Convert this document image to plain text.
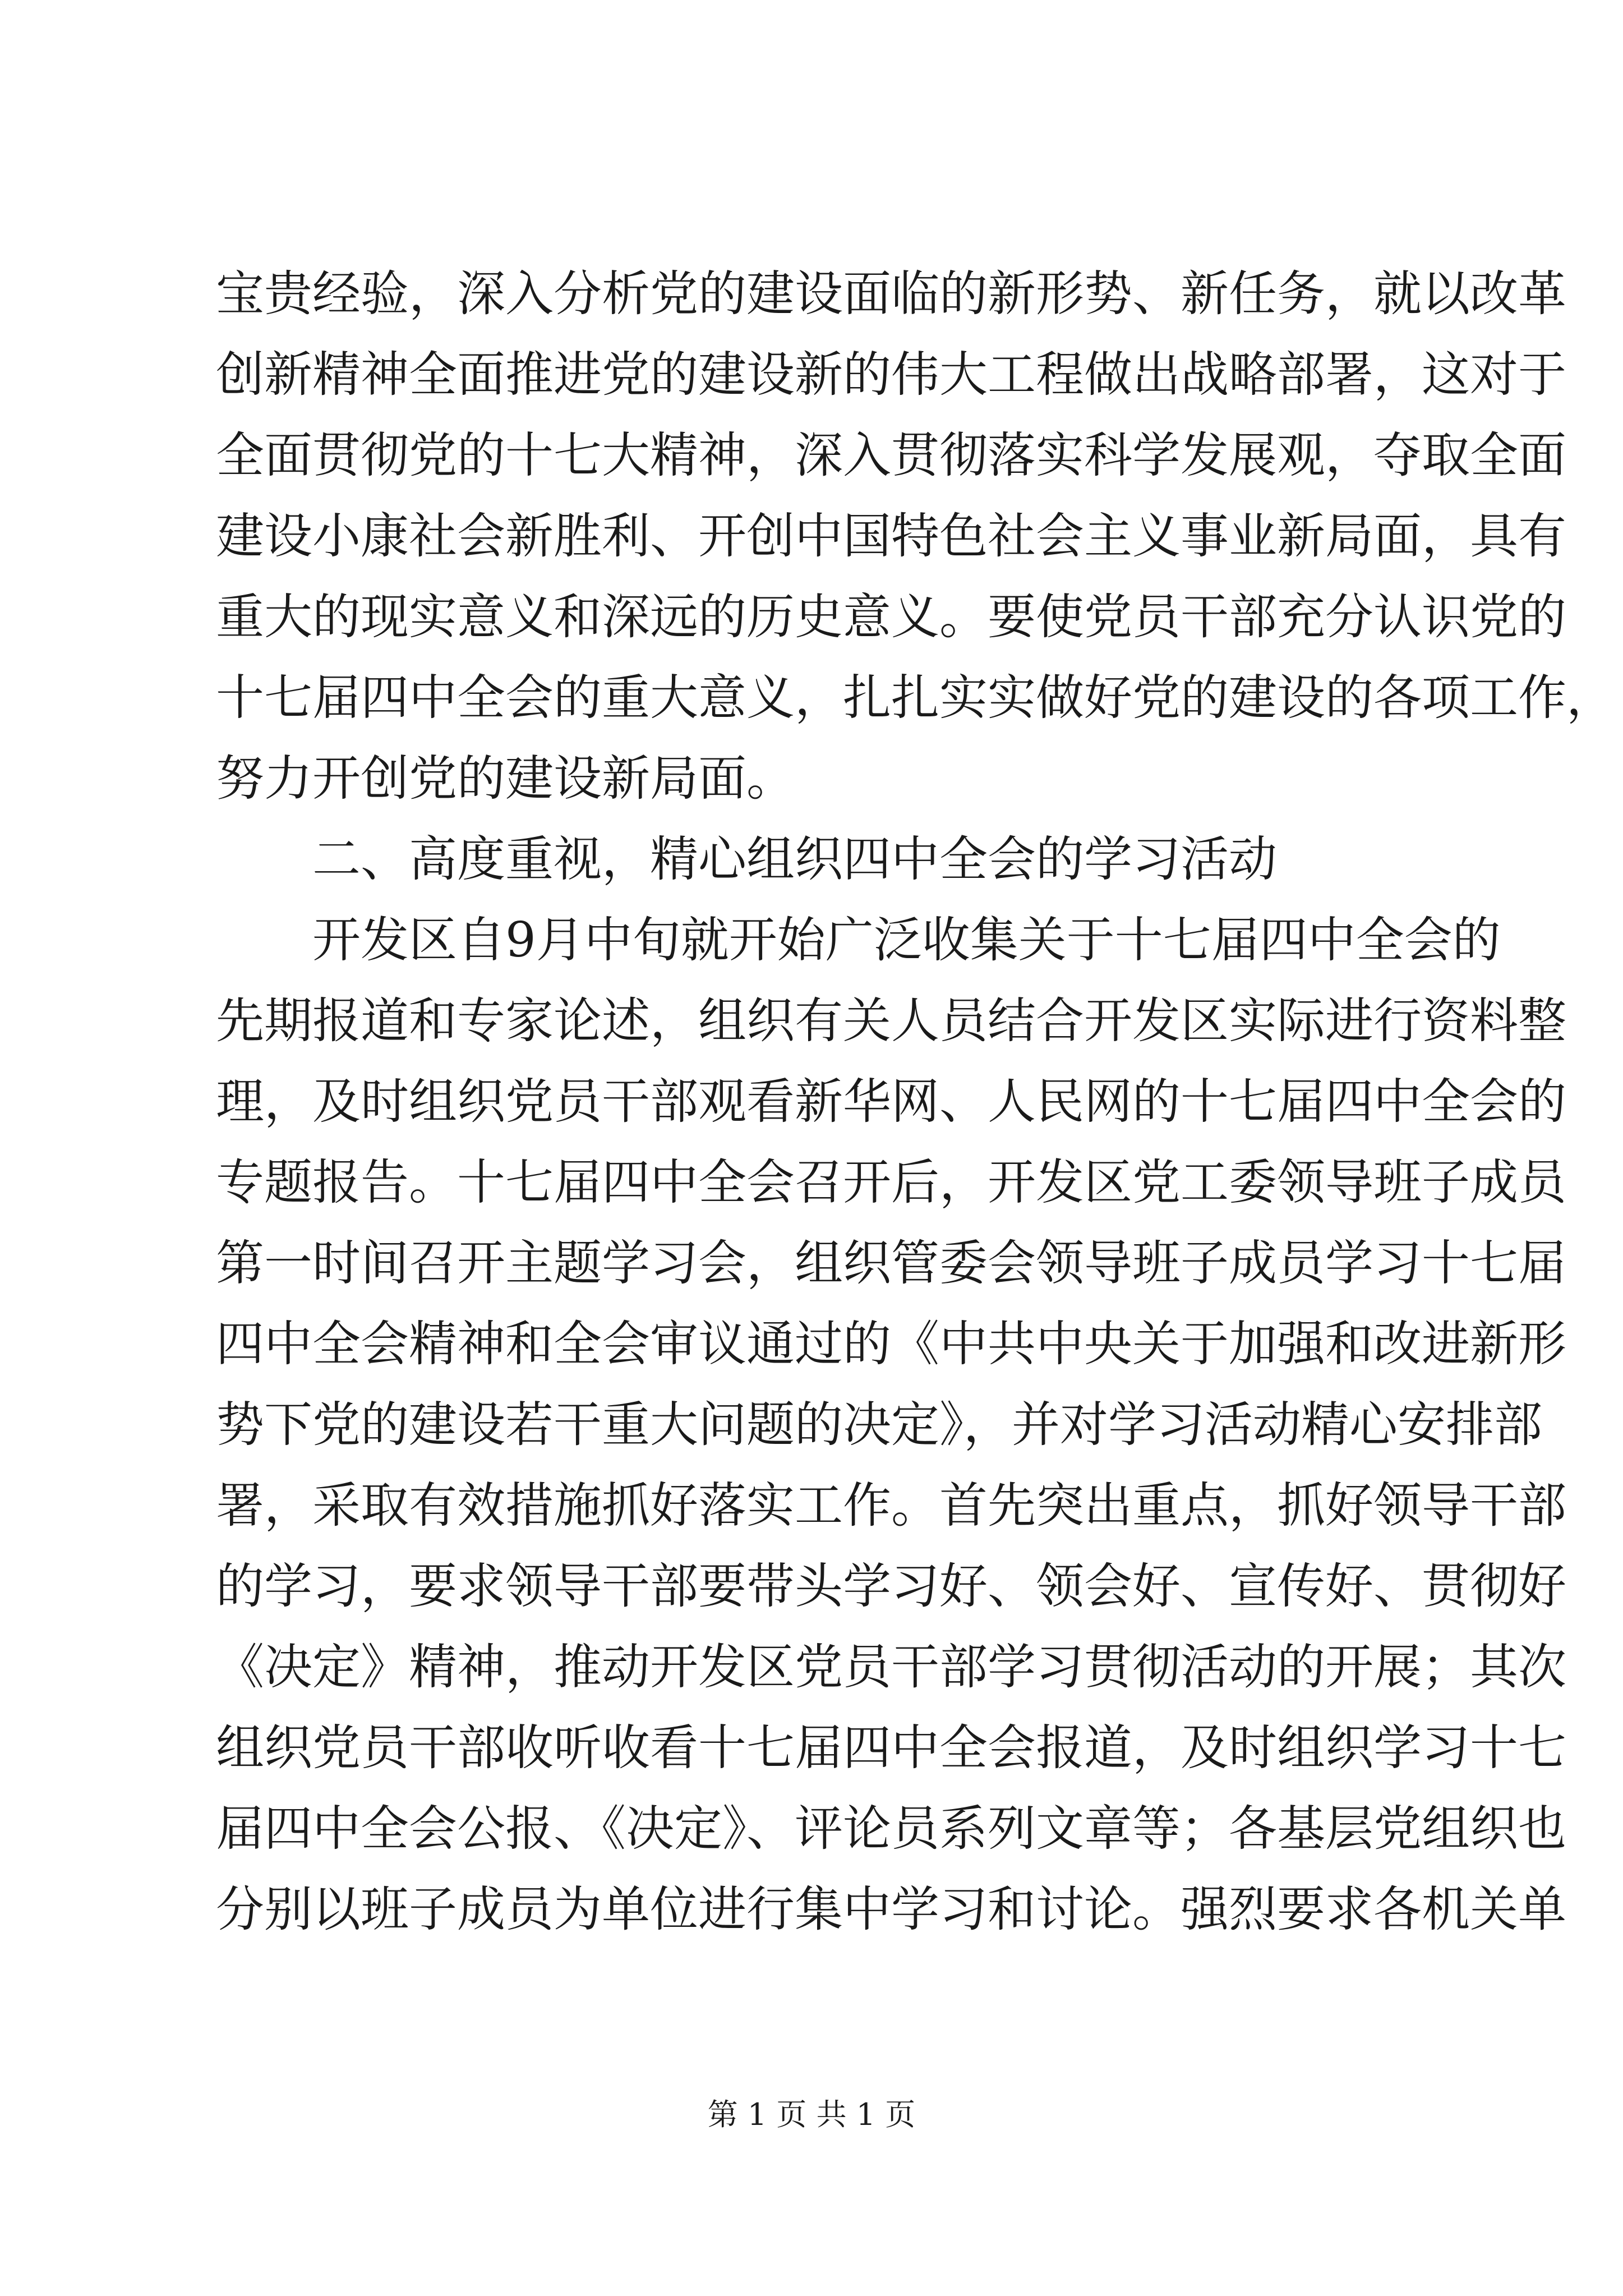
宝贵经验，深入分析党的建设面临的新形势、新任务，就以改革
创新精神全面推进党的建设新的伟大工程做出战略部署，这对于
全面贯彻党的十七大精神，深入贯彻落实科学发展观，夺取全面
建设小康社会新胜利、开创中国特色社会主义事业新局面，具有
重大的现实意义和深远的历史意义。要使党员干部充分认识党的
十七届四中全会的重大意义，扎扎实实做好党的建设的各项工作，
努力开创党的建设新局面。
二、高度重视，精心组织四中全会的学习活动
开发区自9月中旬就开始广泛收集关于十七届四中全会的
先期报道和专家论述，组织有关人员结合开发区实际进行资料整
理，及时组织党员干部观看新华网、人民网的十七届四中全会的
专题报告。十七届四中全会召开后，开发区党工委领导班子成员
第一时间召开主题学习会，组织管委会领导班子成员学习十七届
四中全会精神和全会审议通过的《中共中央关于加强和改进新形
势下党的建设若干重大问题的决定》，并对学习活动精心安排部
署，采取有效措施抓好落实工作。首先突出重点，抓好领导干部
的学习，要求领导干部要带头学习好、领会好、宣传好、贯彻好
《决定》精神，推动开发区党员干部学习贯彻活动的开展；其次
组织党员干部收听收看十七届四中全会报道，及时组织学习十七
届四中全会公报、《决定》、评论员系列文章等；各基层党组织也
分别以班子成员为单位进行集中学习和讨论。强烈要求各机关单
第 1 页 共 1 页
